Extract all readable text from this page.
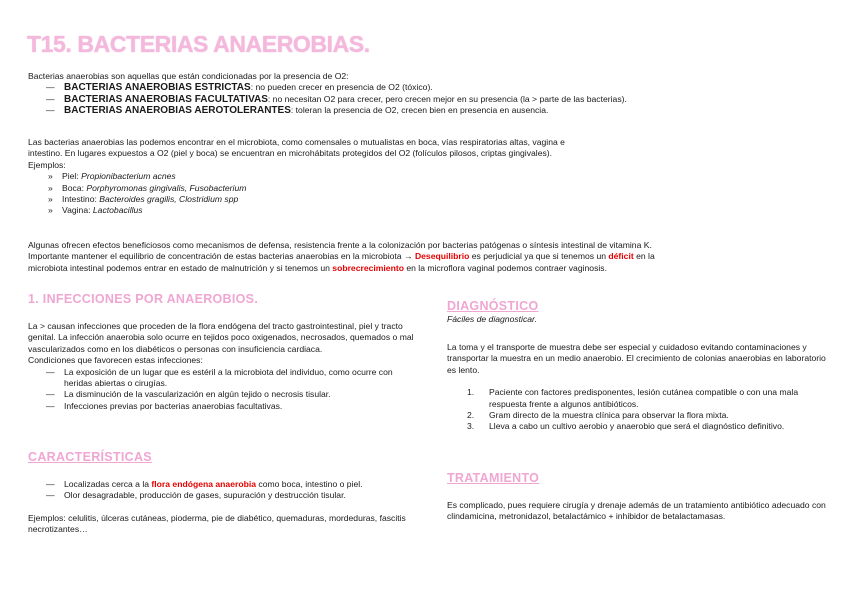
T15. BACTERIAS ANAEROBIAS.

Bacterias anaerobias son aquellas que están condicionadas por la presencia de O2:

— BACTERIAS ANAEROBIAS ESTRICTAS: no pueden crecer en presencia de O2 (tóxico).
— BACTERIAS ANAEROBIAS FACULTATIVAS: no necesitan O2 para crecer, pero crecen mejor en su presencia (la > parte de las bacterias).
— BACTERIAS ANAEROBIAS AEROTOLERANTES: toleran la presencia de O2, crecen bien en presencia en ausencia.

Las bacterias anaerobias las podemos encontrar en el microbiota, como comensales o mutualistas en boca, vías respiratorias altas, vagina e

intestino. En lugares expuestos a O2 (piel y boca) se encuentran en microhábitats protegidos del O2 (folículos pilosos, criptas gingivales).

Ejemplos:

» Piel: Propionibacterium acnes
» Boca: Porphyromonas gingivalis, Fusobacterium
» Intestino: Bacteroides gragilis, Clostridium spp
» Vagina: Lactobacillus

Algunas ofrecen efectos beneficiosos como mecanismos de defensa, resistencia frente a la colonización por bacterias patógenas o síntesis intestinal de vitamina K.

Importante mantener el equilibrio de concentración de estas bacterias anaerobias en la microbiota → Desequilibrio es perjudicial ya que si tenemos un déficit en la

microbiota intestinal podemos entrar en estado de malnutrición y si tenemos un sobrecrecimiento en la microflora vaginal podemos contraer vaginosis.

1. INFECCIONES POR ANAEROBIOS.

La > causan infecciones que proceden de la flora endógena del tracto gastrointestinal, piel y tracto genital. La infección anaerobia solo ocurre en tejidos poco oxigenados, necrosados, quemados o mal vascularizados como en los diabéticos o personas con insuficiencia cardiaca.

Condiciones que favorecen estas infecciones:

— La exposición de un lugar que es estéril a la microbiota del individuo, como ocurre con heridas abiertas o cirugías.
— La disminución de la vascularización en algún tejido o necrosis tisular.
— Infecciones previas por bacterias anaerobias facultativas.
CARACTERÍSTICAS
— Localizadas cerca a la flora endógena anaerobia como boca, intestino o piel.
— Olor desagradable, producción de gases, supuración y destrucción tisular.

Ejemplos: celulitis, úlceras cutáneas, pioderma, pie de diabético, quemaduras, mordeduras, fascitis necrotizantes…

DIAGNÓSTICO

Fáciles de diagnosticar.

La toma y el transporte de muestra debe ser especial y cuidadoso evitando contaminaciones y transportar la muestra en un medio anaerobio. El crecimiento de colonias anaerobias en laboratorio es lento.

1. Paciente con factores predisponentes, lesión cutánea compatible o con una mala respuesta frente a algunos antibióticos.
2. Gram directo de la muestra clínica para observar la flora mixta.
3. Lleva a cabo un cultivo aerobio y anaerobio que será el diagnóstico definitivo.
TRATAMIENTO

Es complicado, pues requiere cirugía y drenaje además de un tratamiento antibiótico adecuado con clindamicina, metronidazol, betalactámico + inhibidor de betalactamasas.
